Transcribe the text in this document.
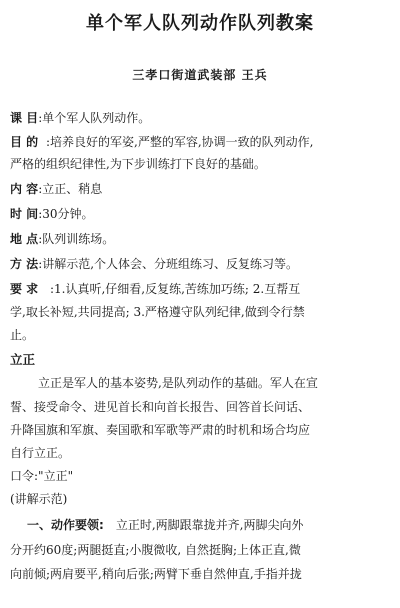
单个军人队列动作队列教案
三孝口街道武装部 王兵
课 目:单个军人队列动作。
目 的 :培养良好的军姿,严整的军容,协调一致的队列动作,
严格的组织纪律性,为下步训练打下良好的基础。
内 容:立正、稍息
时 间:30分钟。
地 点:队列训练场。
方 法:讲解示范,个人体会、分班组练习、反复练习等。
要 求 :1.认真听,仔细看,反复练,苦练加巧练; 2.互帮互
学,取长补短,共同提高; 3.严格遵守队列纪律,做到令行禁
止。
立正
立正是军人的基本姿势,是队列动作的基础。军人在宣
誓、接受命令、进见首长和向首长报告、回答首长问话、
升降国旗和军旗、奏国歌和军歌等严肃的时机和场合均应
自行立正。
口令:"立正"
(讲解示范)
一、动作要领: 立正时,两脚跟靠拢并齐,两脚尖向外
分开约60度;两腿挺直;小腹微收, 自然挺胸;上体正直,微
向前倾;两肩要平,稍向后张;两臂下垂自然伸直,手指并拢
